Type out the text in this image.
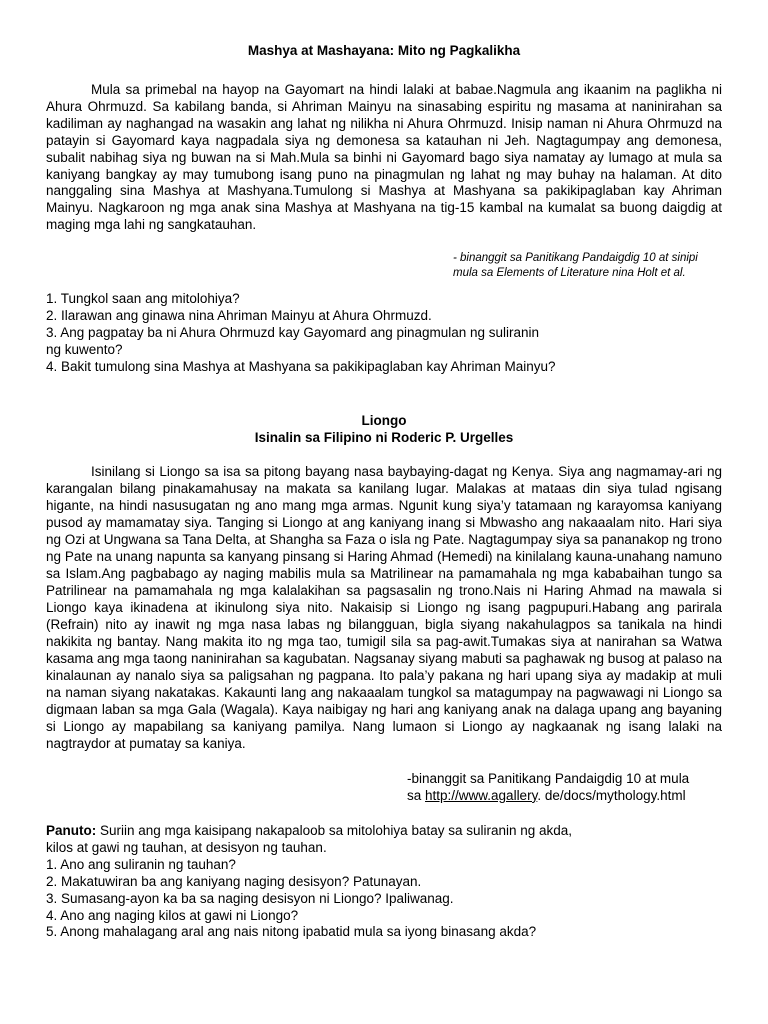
Mashya at Mashayana: Mito ng Pagkalikha

Mula sa primebal na hayop na Gayomart na hindi lalaki at babae.Nagmula ang ikaanim na paglikha ni Ahura Ohrmuzd. Sa kabilang banda, si Ahriman Mainyu na sinasabing espiritu ng masama at naninirahan sa kadiliman ay naghangad na wasakin ang lahat ng nilikha ni Ahura Ohrmuzd. Inisip naman ni Ahura Ohrmuzd na patayin si Gayomard kaya nagpadala siya ng demonesa sa katauhan ni Jeh. Nagtagumpay ang demonesa, subalit nabihag siya ng buwan na si Mah.Mula sa binhi ni Gayomard bago siya namatay ay lumago at mula sa kaniyang bangkay ay may tumubong isang puno na pinagmulan ng lahat ng may buhay na halaman. At dito nanggaling sina Mashya at Mashyana.Tumulong si Mashya at Mashyana sa pakikipaglaban kay Ahriman Mainyu. Nagkaroon ng mga anak sina Mashya at Mashyana na tig-15 kambal na kumalat sa buong daigdig at maging mga lahi ng sangkatauhan.

- binanggit sa Panitikang Pandaigdig 10 at sinipi
mula sa Elements of Literature nina Holt et al.
1. Tungkol saan ang mitolohiya?
2. Ilarawan ang ginawa nina Ahriman Mainyu at Ahura Ohrmuzd.
3. Ang pagpatay ba ni Ahura Ohrmuzd kay Gayomard ang pinagmulan ng suliranin
ng kuwento?
4. Bakit tumulong sina Mashya at Mashyana sa pakikipaglaban kay Ahriman Mainyu?
Liongo
Isinalin sa Filipino ni Roderic P. Urgelles

Isinilang si Liongo sa isa sa pitong bayang nasa baybaying-dagat ng Kenya. Siya ang nagmamay-ari ng karangalan bilang pinakamahusay na makata sa kanilang lugar. Malakas at mataas din siya tulad ngisang higante, na hindi nasusugatan ng ano mang mga armas. Ngunit kung siya’y tatamaan ng karayomsa kaniyang pusod ay mamamatay siya. Tanging si Liongo at ang kaniyang inang si Mbwasho ang nakaaalam nito. Hari siya ng Ozi at Ungwana sa Tana Delta, at Shangha sa Faza o isla ng Pate. Nagtagumpay siya sa pananakop ng trono ng Pate na unang napunta sa kanyang pinsang si Haring Ahmad (Hemedi) na kinilalang kauna-unahang namuno sa Islam.Ang pagbabago ay naging mabilis mula sa Matrilinear na pamamahala ng mga kababaihan tungo sa Patrilinear na pamamahala ng mga kalalakihan sa pagsasalin ng trono.Nais ni Haring Ahmad na mawala si Liongo kaya ikinadena at ikinulong siya nito. Nakaisip si Liongo ng isang pagpupuri.Habang ang parirala (Refrain) nito ay inawit ng mga nasa labas ng bilangguan, bigla siyang nakahulagpos sa tanikala na hindi nakikita ng bantay. Nang makita ito ng mga tao, tumigil sila sa pag-awit.Tumakas siya at nanirahan sa Watwa kasama ang mga taong naninirahan sa kagubatan. Nagsanay siyang mabuti sa paghawak ng busog at palaso na kinalaunan ay nanalo siya sa paligsahan ng pagpana. Ito pala’y pakana ng hari upang siya ay madakip at muli na naman siyang nakatakas. Kakaunti lang ang nakaaalam tungkol sa matagumpay na pagwawagi ni Liongo sa digmaan laban sa mga Gala (Wagala). Kaya naibigay ng hari ang kaniyang anak na dalaga upang ang bayaning si Liongo ay mapabilang sa kaniyang pamilya. Nang lumaon si Liongo ay nagkaanak ng isang lalaki na nagtraydor at pumatay sa kaniya.

-binanggit sa Panitikang Pandaigdig 10 at mula
sa http://www.agallery. de/docs/mythology.html
Panuto: Suriin ang mga kaisipang nakapaloob sa mitolohiya batay sa suliranin ng akda,
kilos at gawi ng tauhan, at desisyon ng tauhan.
1. Ano ang suliranin ng tauhan?
2. Makatuwiran ba ang kaniyang naging desisyon? Patunayan.
3. Sumasang-ayon ka ba sa naging desisyon ni Liongo? Ipaliwanag.
4. Ano ang naging kilos at gawi ni Liongo?
5. Anong mahalagang aral ang nais nitong ipabatid mula sa iyong binasang akda?
